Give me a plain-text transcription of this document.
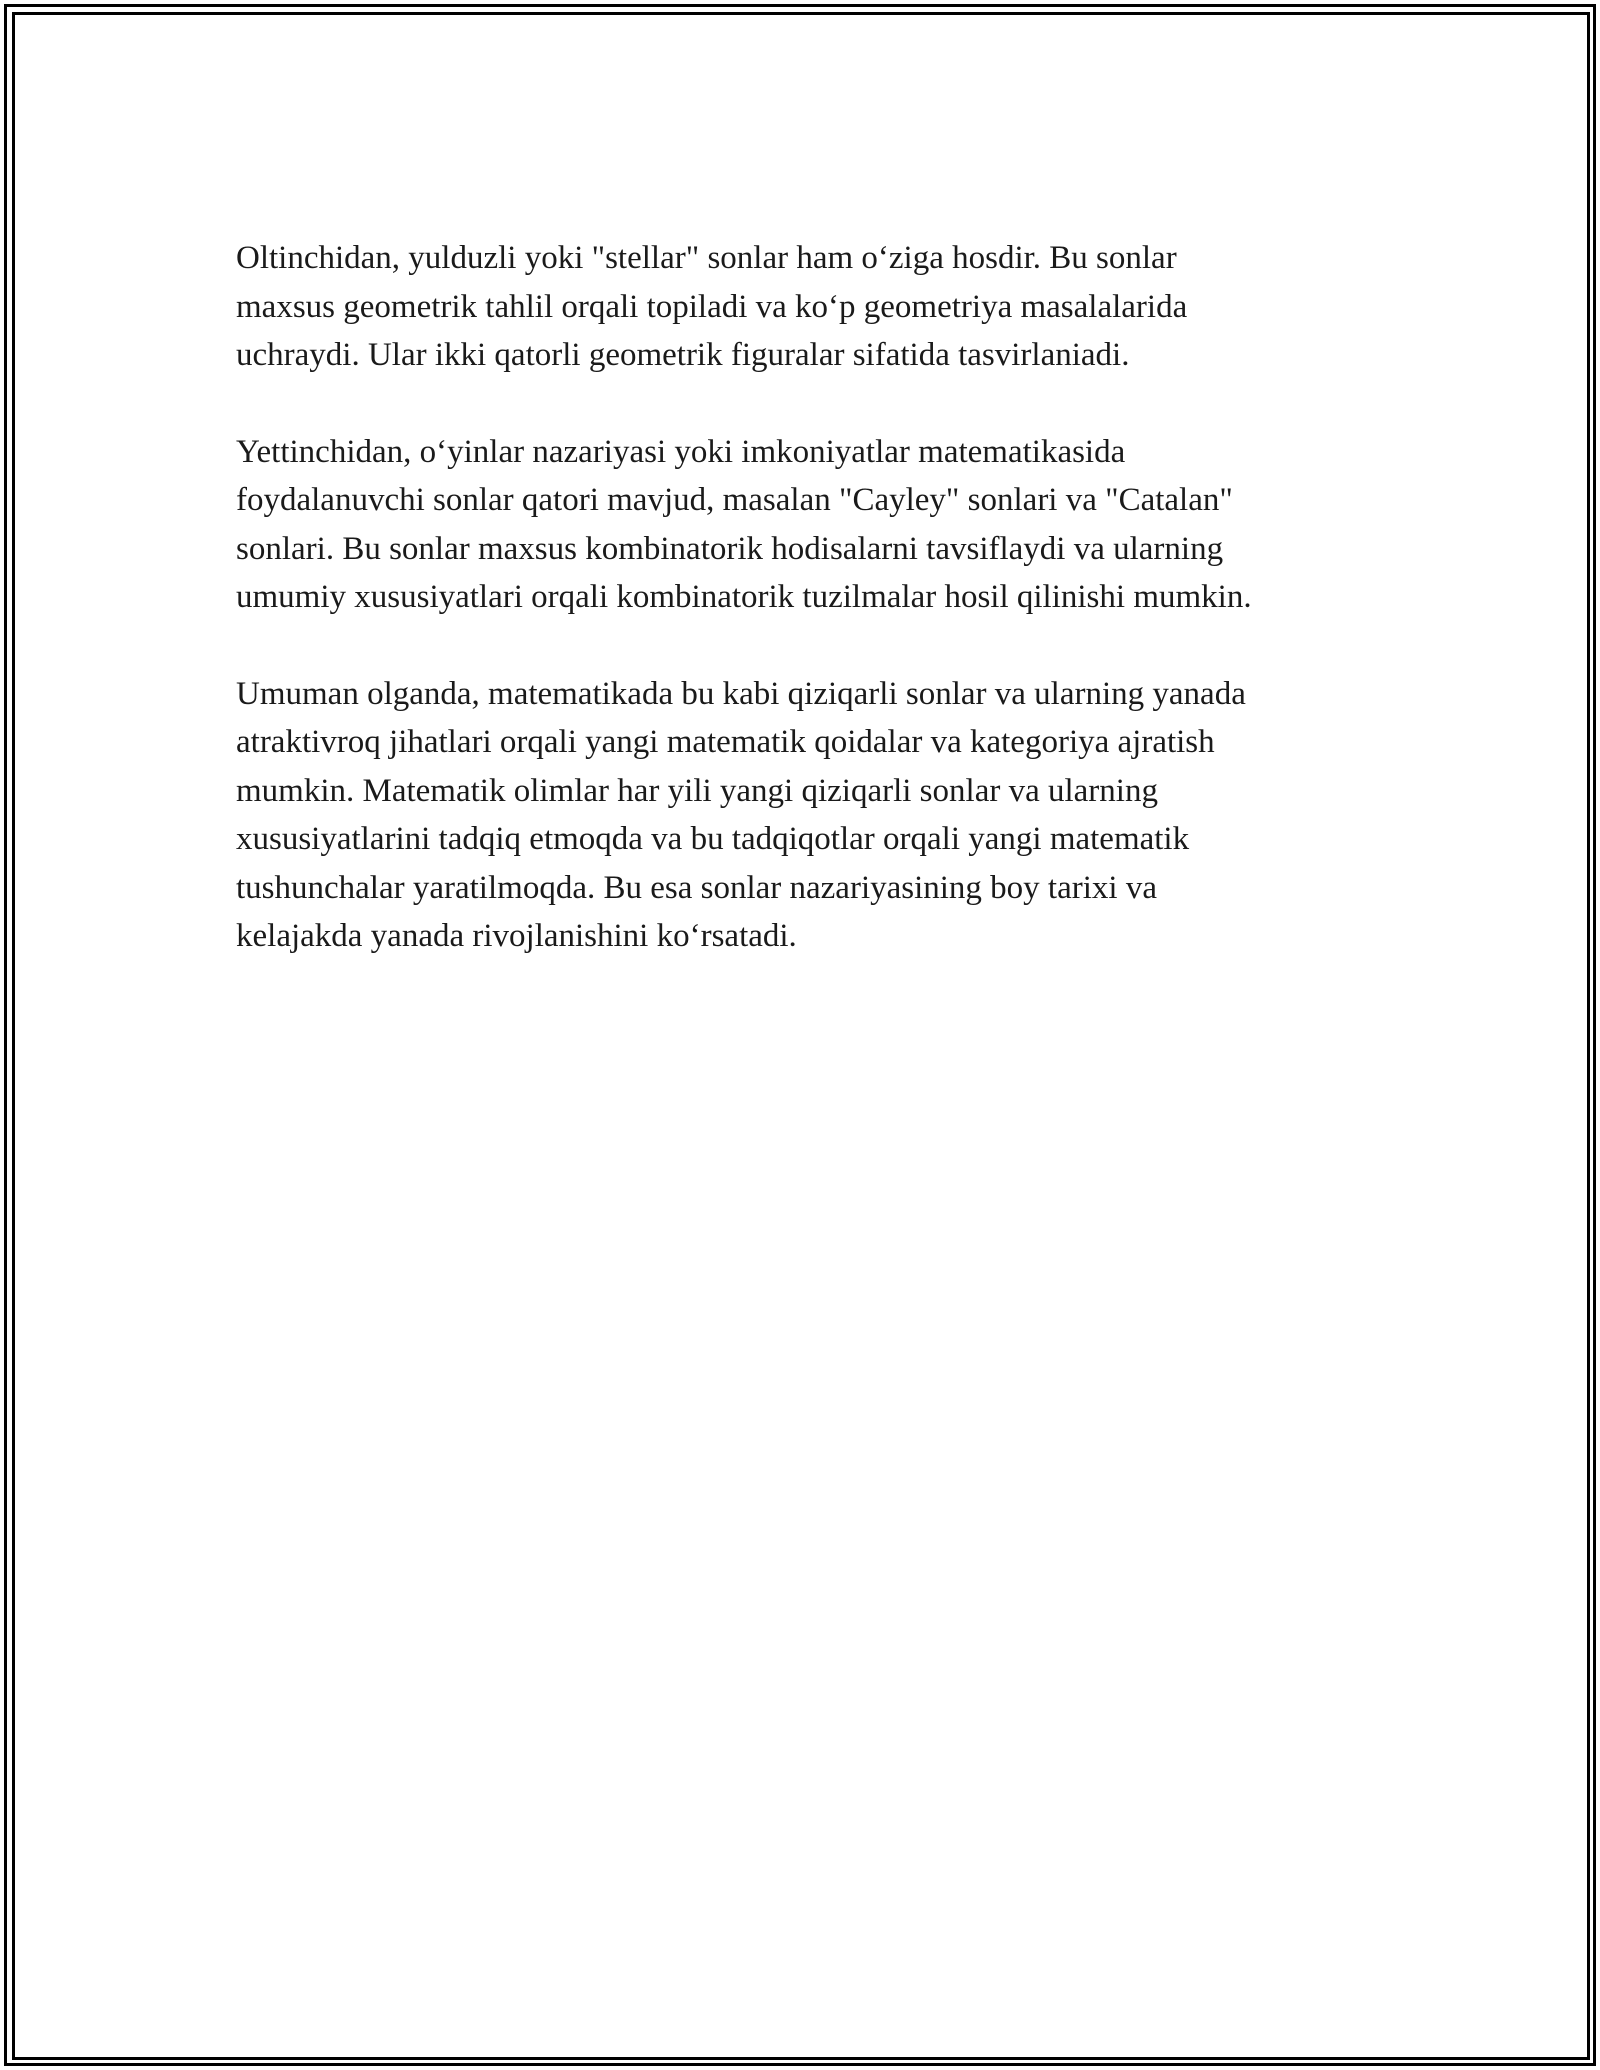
Oltinchidan, yulduzli yoki "stellar" sonlar ham o‘ziga hosdir. Bu sonlar
maxsus geometrik tahlil orqali topiladi va ko‘p geometriya masalalarida
uchraydi. Ular ikki qatorli geometrik figuralar sifatida tasvirlaniadi.

Yettinchidan, o‘yinlar nazariyasi yoki imkoniyatlar matematikasida
foydalanuvchi sonlar qatori mavjud, masalan "Cayley" sonlari va "Catalan"
sonlari. Bu sonlar maxsus kombinatorik hodisalarni tavsiflaydi va ularning
umumiy xususiyatlari orqali kombinatorik tuzilmalar hosil qilinishi mumkin.

Umuman olganda, matematikada bu kabi qiziqarli sonlar va ularning yanada
atraktivroq jihatlari orqali yangi matematik qoidalar va kategoriya ajratish
mumkin. Matematik olimlar har yili yangi qiziqarli sonlar va ularning
xususiyatlarini tadqiq etmoqda va bu tadqiqotlar orqali yangi matematik
tushunchalar yaratilmoqda. Bu esa sonlar nazariyasining boy tarixi va
kelajakda yanada rivojlanishini ko‘rsatadi.
